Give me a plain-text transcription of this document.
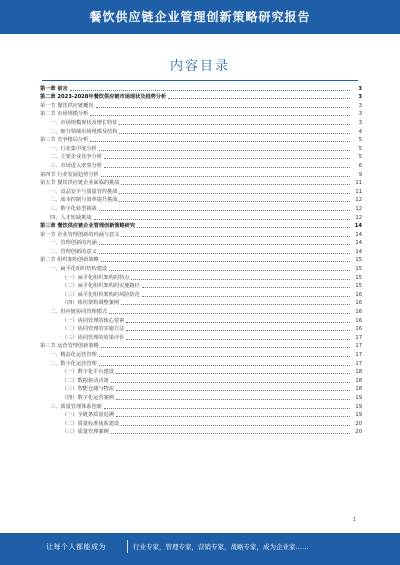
餐饮供应链企业管理创新策略研究报告
内容目录
第一章 前言	3
第二章 2023-2028年餐饮供应链市场现状及趋势分析	3
第一节 餐饮供应链概况	3
第二节 市场规模分析	3
一、市场规模现状及增长特征	3
二、细分领域市场规模及结构	4
第三节 竞争格局分析	5
一、行业集中度分析	5
二、主要企业竞争分析	5
三、市场进入壁垒分析	6
第四节 行业发展趋势分析	9
第五节 餐饮供应链企业面临的挑战	11
一、食品安全与质量管控挑战	11
二、成本控制与效率提升挑战	12
三、数字化转型挑战	12
四、人才短缺挑战	12
第三章 餐饮供应链企业管理创新策略研究	14
第一节 企业管理创新的内涵与意义	14
一、管理创新的内涵	14
二、管理创新的意义	14
第二节 组织架构创新策略	15
一、扁平化组织结构建设	15
（一）扁平化组织架构的特点	15
（二）扁平化组织架构的实施路径	15
（三）扁平化组织架构的风险防范	16
（四）组织架构调整案例	16
二、供应链协同管理模式	16
（一）协同管理的核心要素	16
（二）协同管理的实施方法	16
（三）协同管理的效果评价	17
第三节 运营管理创新策略	17
一、精益化运营管理	17
二、数字化运营管理	17
（一）数字化平台建设	18
（二）数据驱动决策	18
（三）智能仓储与物流	18
（四）数字化运营案例	19
三、质量管理体系创新	19
（一）全链条质量追溯	19
（二）质量标准体系建设	20
（三）质量管理案例	20
1
让每个人都能成为	行业专家，管理专家，营销专家，战略专家，成为企业家……
